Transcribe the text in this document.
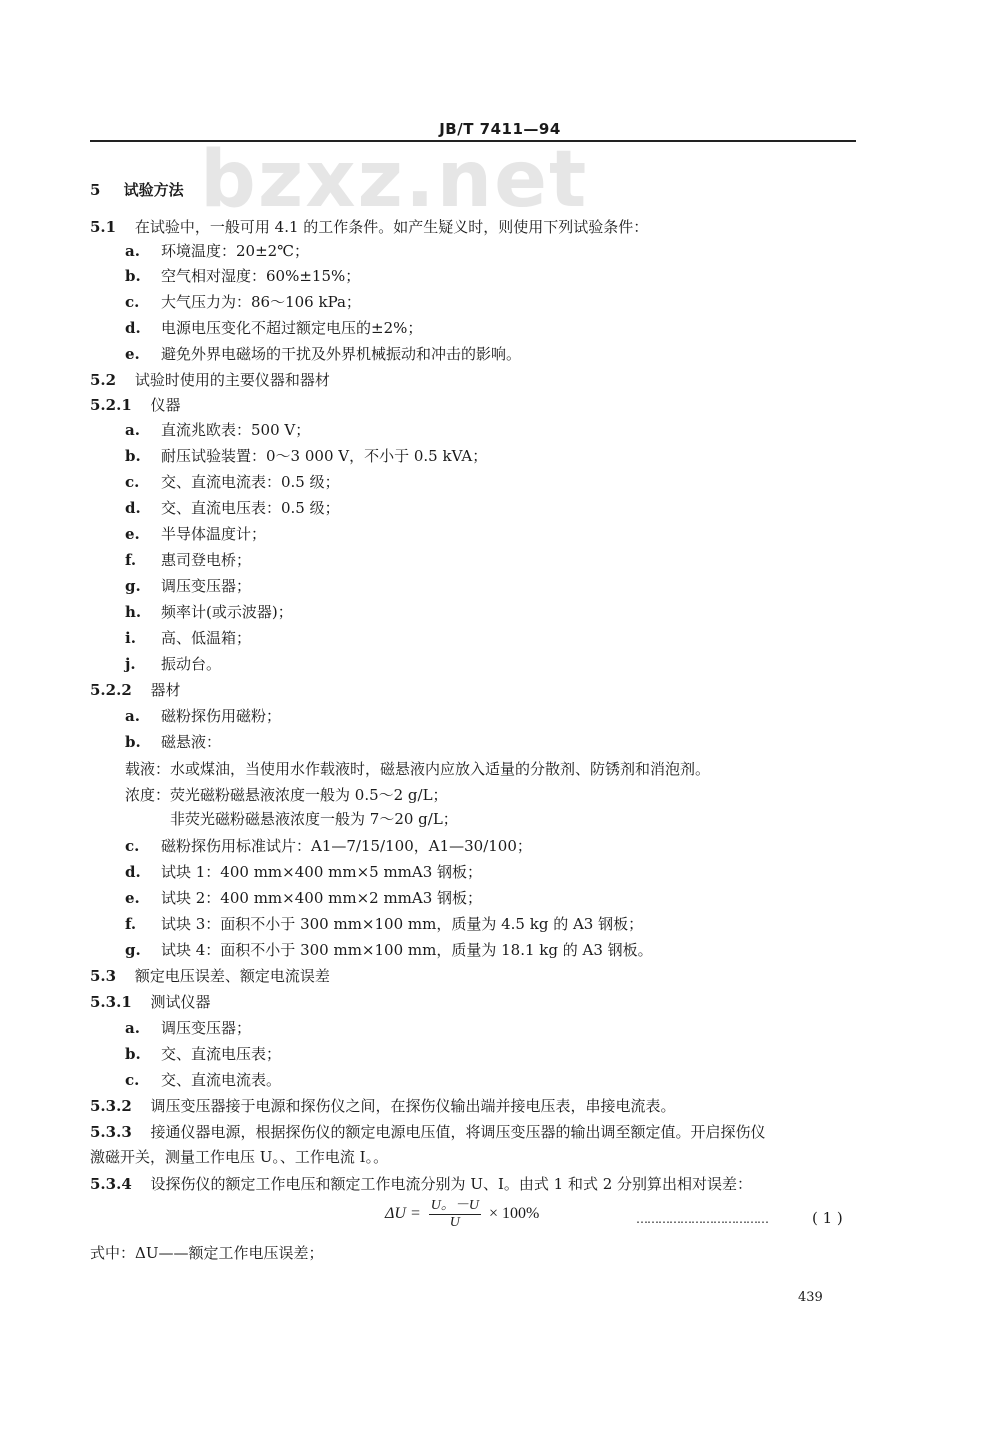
bzxz.net
JB/T 7411—94
5 试验方法
5.1 在试验中，一般可用 4.1 的工作条件。如产生疑义时，则使用下列试验条件：
a. 环境温度：20±2℃；
b. 空气相对湿度：60%±15%；
c. 大气压力为：86～106 kPa；
d. 电源电压变化不超过额定电压的±2%；
e. 避免外界电磁场的干扰及外界机械振动和冲击的影响。
5.2 试验时使用的主要仪器和器材
5.2.1 仪器
a. 直流兆欧表：500 V；
b. 耐压试验装置：0～3 000 V，不小于 0.5 kVA；
c. 交、直流电流表：0.5 级；
d. 交、直流电压表：0.5 级；
e. 半导体温度计；
f. 惠司登电桥；
g. 调压变压器；
h. 频率计(或示波器)；
i. 高、低温箱；
j. 振动台。
5.2.2 器材
a. 磁粉探伤用磁粉；
b. 磁悬液：
载液：水或煤油，当使用水作载液时，磁悬液内应放入适量的分散剂、防锈剂和消泡剂。
浓度：荧光磁粉磁悬液浓度一般为 0.5～2 g/L；
非荧光磁粉磁悬液浓度一般为 7～20 g/L；
c. 磁粉探伤用标准试片：A1—7/15/100，A1—30/100；
d. 试块 1：400 mm×400 mm×5 mmA3 钢板；
e. 试块 2：400 mm×400 mm×2 mmA3 钢板；
f. 试块 3：面积不小于 300 mm×100 mm，质量为 4.5 kg 的 A3 钢板；
g. 试块 4：面积不小于 300 mm×100 mm，质量为 18.1 kg 的 A3 钢板。
5.3 额定电压误差、额定电流误差
5.3.1 测试仪器
a. 调压变压器；
b. 交、直流电压表；
c. 交、直流电流表。
5.3.2 调压变压器接于电源和探伤仪之间，在探伤仪输出端并接电压表，串接电流表。
5.3.3 接通仪器电源，根据探伤仪的额定电源电压值，将调压变压器的输出调至额定值。开启探伤仪
激磁开关，测量工作电压 U。、工作电流 I。。
5.3.4 设探伤仪的额定工作电压和额定工作电流分别为 U、I。由式 1 和式 2 分别算出相对误差：
$\Delta U = \frac{U。-U}{U} \times 100\%$	………………………………	( 1 )
式中：ΔU——额定工作电压误差；
439
